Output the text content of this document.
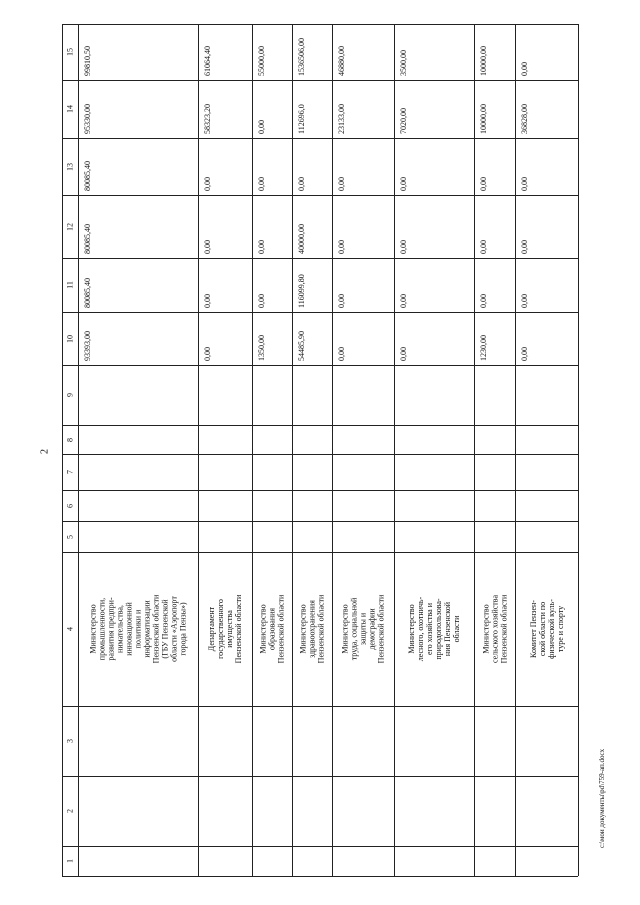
2
1
2
3
4
5
6
7
8
9
10
11
12
13
14
15
Министерство
промышленности,
развития предпри-
нимательства,
инновационной
политики и
информатизации
Пензенской области
(ГБУ Пензенской
области «Аэропорт
города Пензы»)
93393,00
80085,40
80085,40
80085,40
95330,00
99810,50
Департамент
государственного
имущества
Пензенской области
0,00
0,00
0,00
0,00
58323,20
61064,40
Министерство
образования
Пензенской области
1350,00
0,00
0,00
0,00
0,00
55000,00
Министерство
здравоохранения
Пензенской области
54485,90
116099,80
40000,00
0,00
112696,0
1536506,00
Министерство
труда, социальной
защиты и
демографии
Пензенской области
0,00
0,00
0,00
0,00
23133,00
46880,00
Министерство
лесного, охотничь-
его хозяйства и
природопользова-
ния Пензенской
области
0,00
0,00
0,00
0,00
7020,00
3500,00
Министерство
сельского хозяйства
Пензенской области
1230,00
0,00
0,00
0,00
10000,00
10000,00
Комитет Пензен-
ской области по
физической куль-
туре и спорту
0,00
0,00
0,00
0,00
36828,00
0,00
c:\мои документы\pd\759-ап.docx
